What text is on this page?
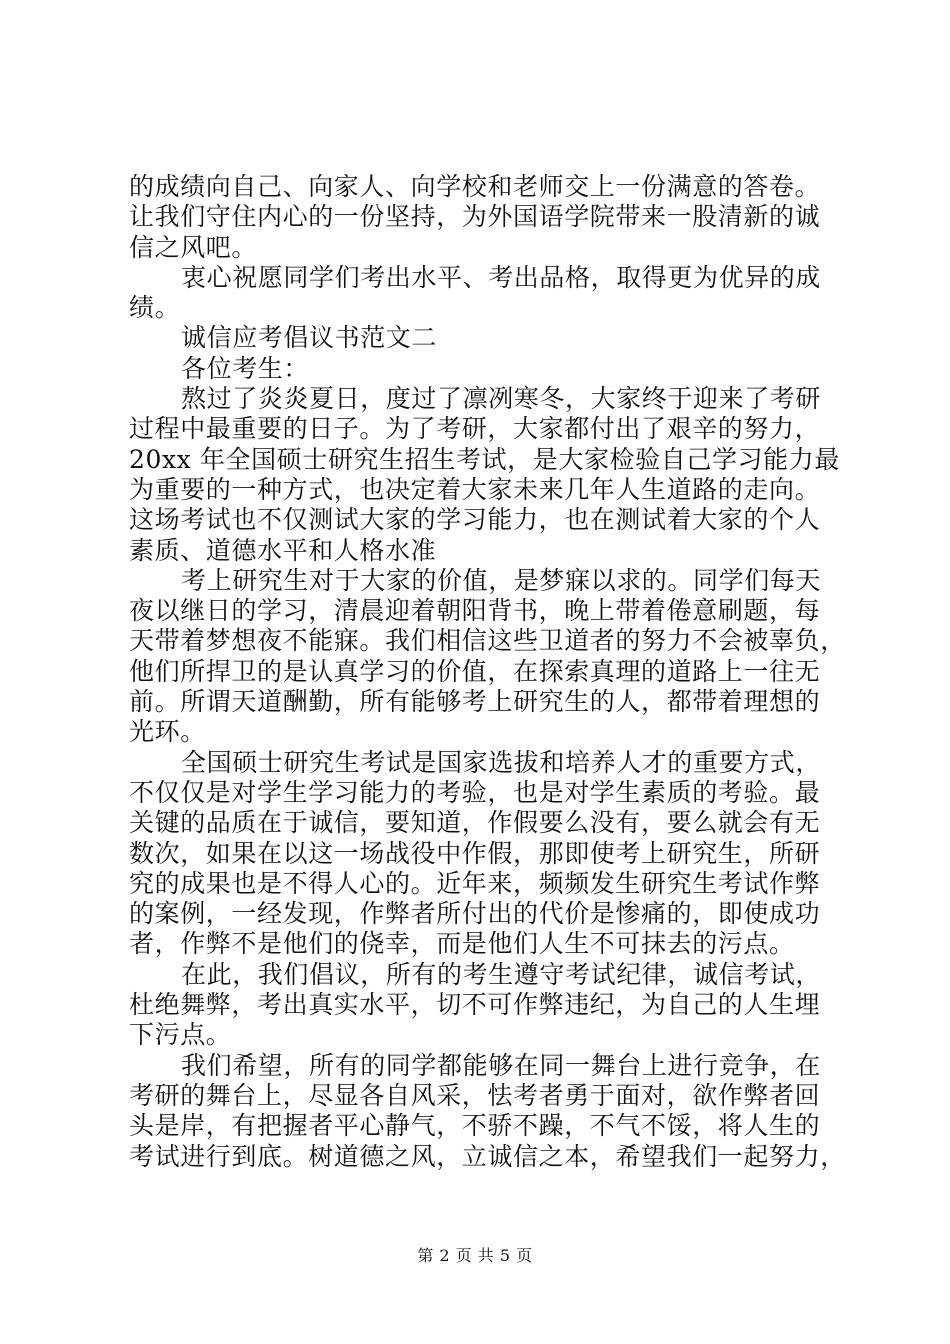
的成绩向自己、向家人、向学校和老师交上一份满意的答卷。
让我们守住内心的一份坚持，为外国语学院带来一股清新的诚
信之风吧。
衷心祝愿同学们考出水平、考出品格，取得更为优异的成
绩。
诚信应考倡议书范文二
各位考生：
熬过了炎炎夏日，度过了凛冽寒冬，大家终于迎来了考研
过程中最重要的日子。为了考研，大家都付出了艰辛的努力，
20xx 年全国硕士研究生招生考试，是大家检验自己学习能力最
为重要的一种方式，也决定着大家未来几年人生道路的走向。
这场考试也不仅测试大家的学习能力，也在测试着大家的个人
素质、道德水平和人格水准
考上研究生对于大家的价值，是梦寐以求的。同学们每天
夜以继日的学习，清晨迎着朝阳背书，晚上带着倦意刷题，每
天带着梦想夜不能寐。我们相信这些卫道者的努力不会被辜负，
他们所捍卫的是认真学习的价值，在探索真理的道路上一往无
前。所谓天道酬勤，所有能够考上研究生的人，都带着理想的
光环。
全国硕士研究生考试是国家选拔和培养人才的重要方式，
不仅仅是对学生学习能力的考验，也是对学生素质的考验。最
关键的品质在于诚信，要知道，作假要么没有，要么就会有无
数次，如果在以这一场战役中作假，那即使考上研究生，所研
究的成果也是不得人心的。近年来，频频发生研究生考试作弊
的案例，一经发现，作弊者所付出的代价是惨痛的，即使成功
者，作弊不是他们的侥幸，而是他们人生不可抹去的污点。
在此，我们倡议，所有的考生遵守考试纪律，诚信考试，
杜绝舞弊，考出真实水平，切不可作弊违纪，为自己的人生埋
下污点。
我们希望，所有的同学都能够在同一舞台上进行竞争，在
考研的舞台上，尽显各自风采，怯考者勇于面对，欲作弊者回
头是岸，有把握者平心静气，不骄不躁，不气不馁，将人生的
考试进行到底。树道德之风，立诚信之本，希望我们一起努力，
第 2 页 共 5 页
